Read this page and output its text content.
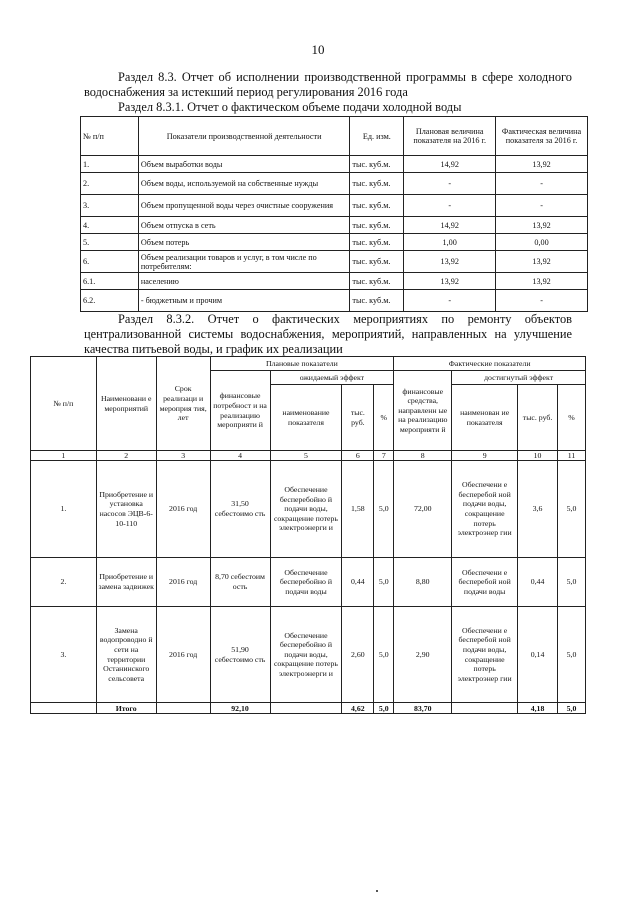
10
Раздел 8.3. Отчет об исполнении производственной программы в сфере холодного
водоснабжения за истекший период регулирования 2016 года
Раздел 8.3.1. Отчет о фактическом объеме подачи холодной воды
№ п/п	Показатели производственной деятельности	Ед. изм.	Плановая величина показателя на 2016 г.	Фактическая величина показателя за 2016 г.
1.	Объем выработки воды	тыс. куб.м.	14,92	13,92
2.	Объем воды, используемой на собственные нужды	тыс. куб.м.	-	-
3.	Объем пропущенной воды через очистные сооружения	тыс. куб.м.	-	-
4.	Объем отпуска в сеть	тыс. куб.м.	14,92	13,92
5.	Объем потерь	тыс. куб.м.	1,00	0,00
6.	Объем реализации товаров и услуг, в том числе по потребителям:	тыс. куб.м.	13,92	13,92
6.1.	населению	тыс. куб.м.	13,92	13,92
6.2.	- бюджетным и прочим	тыс. куб.м.	-	-
Раздел 8.3.2. Отчет о фактических мероприятиях по ремонту объектов
централизованной системы водоснабжения, мероприятий, направленных на улучшение
качества питьевой воды, и график их реализации
№ п/п	Наименовани е мероприятий	Срок реализаци и мероприя тия, лет	Плановые показатели				Фактические показатели			
			финансовые потребност и на реализацию мероприяти й	ожидаемый эффект			финансовые средства, направленн ые на реализацию мероприяти й	достигнутый эффект		
				наименование показателя	тыс. руб.	%		наименован ие показателя	тыс. руб.	%
1	2	3	4	5	6	7	8	9	10	11
1.	Приобретение и установка насосов ЭЦВ-6-10-110	2016 год	31,50 себестоимо сть	Обеспечение бесперебойно й подачи воды, сокращение потерь электроэнерги и	1,58	5,0	72,00	Обеспечени е бесперебой ной подачи воды, сокращение потерь электроэнер гии	3,6	5,0
2.	Приобретение и замена задвижек	2016 год	8,70 себестоим ость	Обеспечение бесперебойно й подачи воды	0,44	5,0	8,80	Обеспечени е бесперебой ной подачи воды	0,44	5,0
3.	Замена водопроводно й сети на территории Останинского сельсовета	2016 год	51,90 себестоимо сть	Обеспечение бесперебойно й подачи воды, сокращение потерь электроэнерги и	2,60	5,0	2,90	Обеспечени е бесперебой ной подачи воды, сокращение потерь электроэнер гии	0,14	5,0
	Итого		92,10		4,62	5,0	83,70		4,18	5,0
